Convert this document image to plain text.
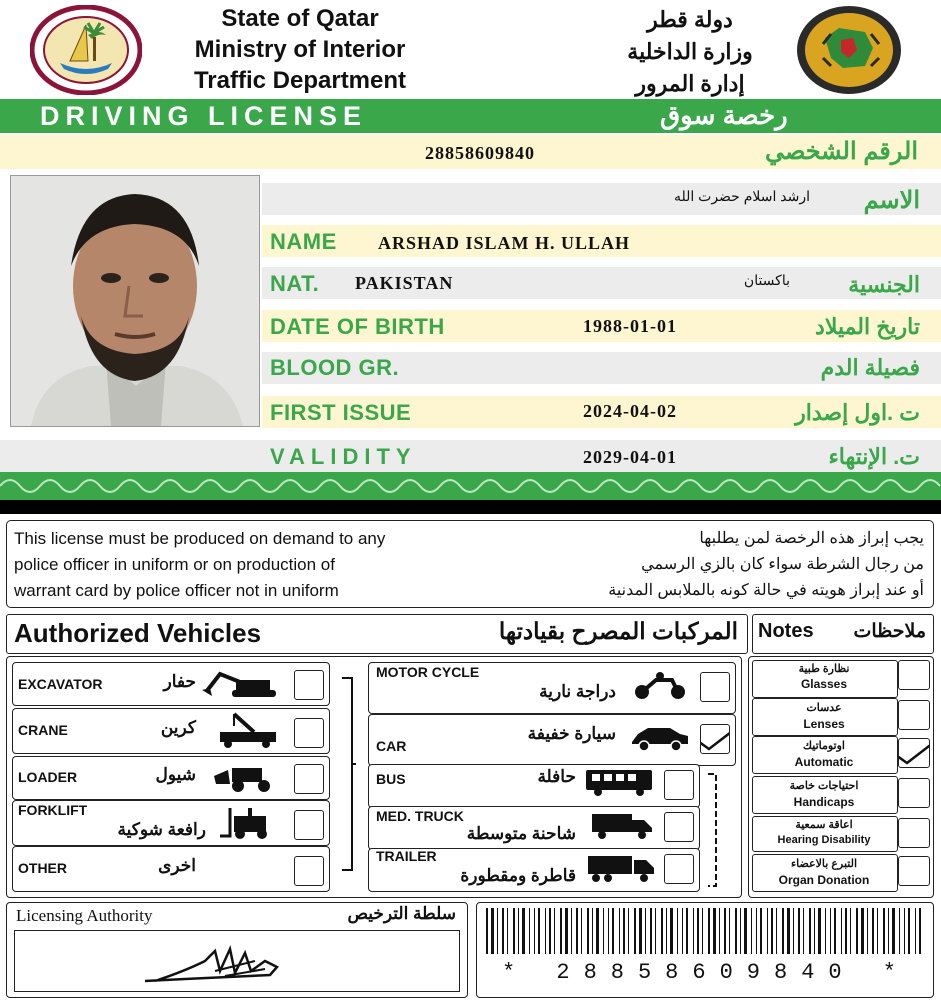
State of Qatar
Ministry of Interior
Traffic Department
دولة قطر
وزارة الداخلية
إدارة المرور
DRIVING LICENSE	رخصة سوق
28858609840	الرقم الشخصي
ارشد اسلام حضرت الله	الاسم
NAME ARSHAD ISLAM H. ULLAH
NAT. PAKISTAN	باكستان	الجنسية
DATE OF BIRTH	1988-01-01	تاريخ الميلاد
BLOOD GR.	فصيلة الدم
FIRST ISSUE	2024-04-02	ت .اول إصدار
VALIDITY	2029-04-01	ت. الإنتهاء
This license must be produced on demand to any
police officer in uniform or on production of
warrant card by police officer not in uniform
يجب إبراز هذه الرخصة لمن يطلبها
من رجال الشرطة سواء كان بالزي الرسمي
أو عند إبراز هويته في حالة كونه بالملابس المدنية
Authorized Vehicles	المركبات المصرح بقيادتها Notes	ملاحظات
EXCAVATOR	حفار
CRANE	كرين
LOADER	شيول
FORKLIFT
رافعة شوكية
OTHER	اخرى
MOTOR CYCLE
دراجة نارية
CAR
سيارة خفيفة
BUS	حافلة
MED. TRUCK
شاحنة متوسطة
TRAILER
قاطرة ومقطورة
نظارة طبية
Glasses
عدسات
Lenses
اوتوماتيك
Automatic
احتياجات خاصة
Handicaps
اعاقة سمعية
Hearing Disability
التبرع بالاعضاء
Organ Donation
Licensing Authority	سلطة الترخيص
* 28858609840 *
